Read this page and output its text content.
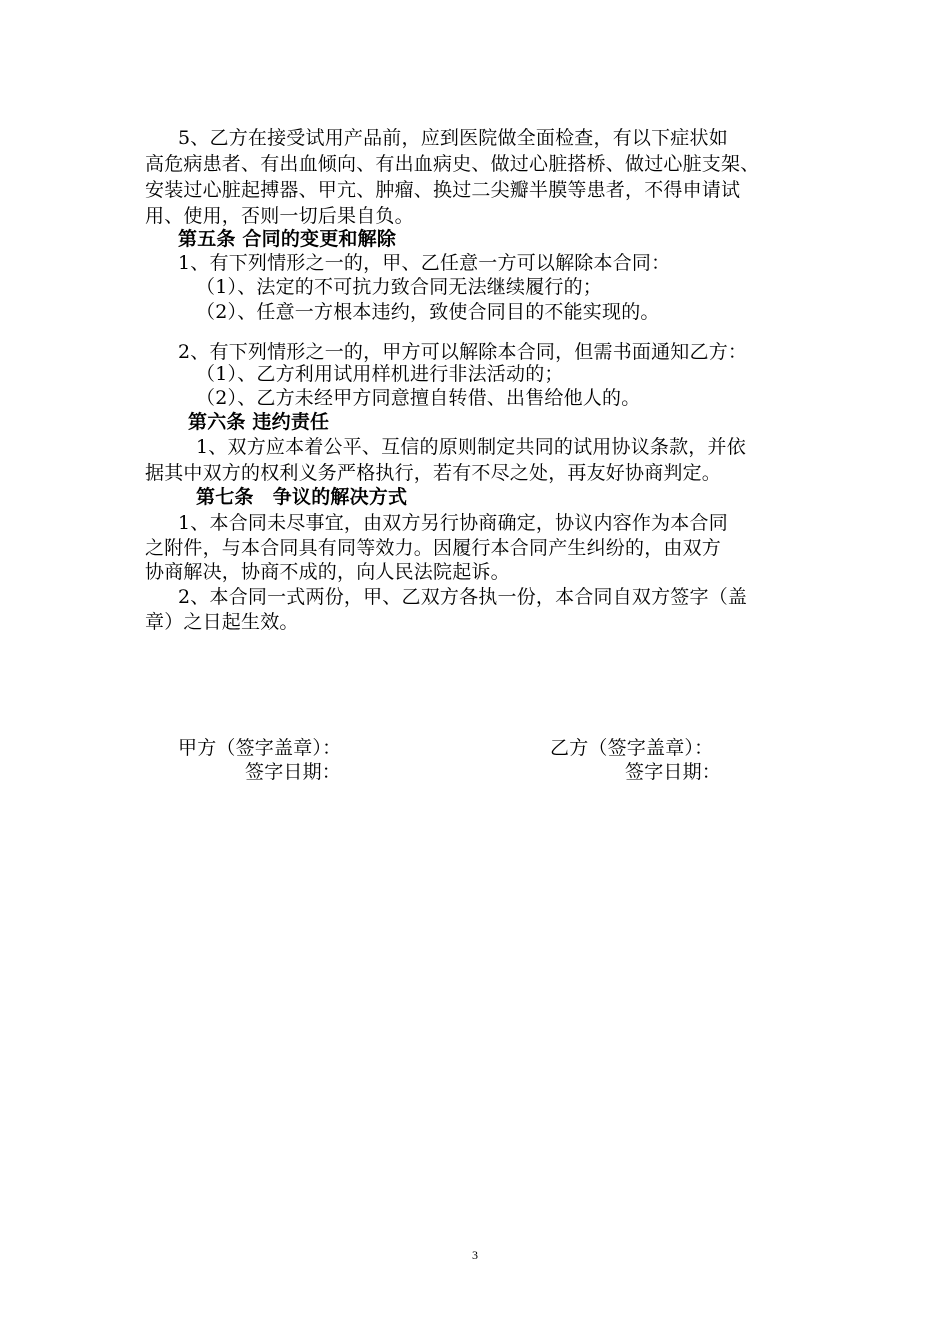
5、乙方在接受试用产品前，应到医院做全面检查，有以下症状如
高危病患者、有出血倾向、有出血病史、做过心脏搭桥、做过心脏支架、
安装过心脏起搏器、甲亢、肿瘤、换过二尖瓣半膜等患者，不得申请试
用、使用，否则一切后果自负。
第五条 合同的变更和解除
1、有下列情形之一的，甲、乙任意一方可以解除本合同：
（1）、法定的不可抗力致合同无法继续履行的；
（2）、任意一方根本违约，致使合同目的不能实现的。
2、有下列情形之一的，甲方可以解除本合同，但需书面通知乙方：
（1）、乙方利用试用样机进行非法活动的；
（2）、乙方未经甲方同意擅自转借、出售给他人的。
第六条 违约责任
1、双方应本着公平、互信的原则制定共同的试用协议条款，并依
据其中双方的权利义务严格执行，若有不尽之处，再友好协商判定。
第七条　争议的解决方式
1、本合同未尽事宜，由双方另行协商确定，协议内容作为本合同
之附件，与本合同具有同等效力。因履行本合同产生纠纷的，由双方
协商解决，协商不成的，向人民法院起诉。
2、本合同一式两份，甲、乙双方各执一份，本合同自双方签字（盖
章）之日起生效。
甲方（签字盖章）：
签字日期：
乙方（签字盖章）：
签字日期：
3
